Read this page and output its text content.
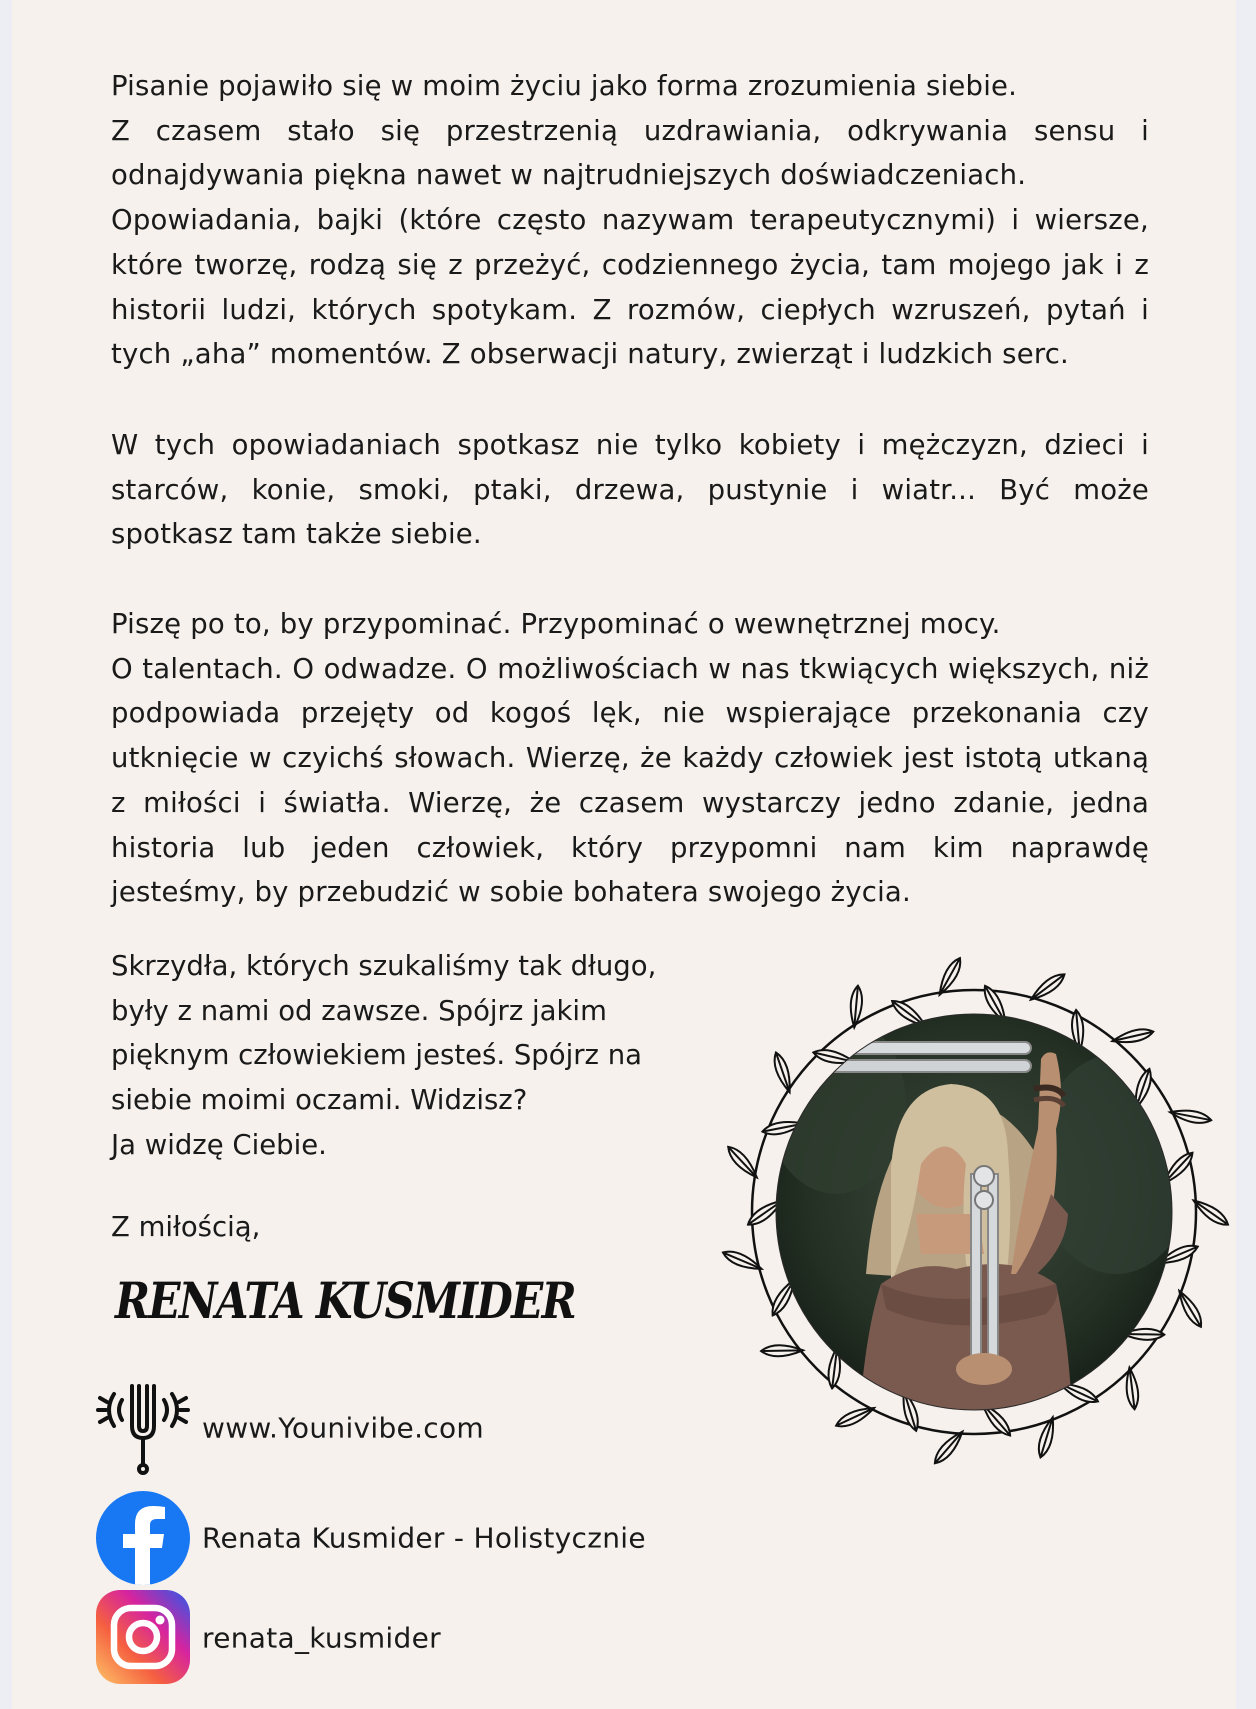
Pisanie pojawiło się w moim życiu jako forma zrozumienia siebie.

Z czasem stało się przestrzenią uzdrawiania, odkrywania sensu i odnajdywania piękna nawet w najtrudniejszych doświadczeniach.

Opowiadania, bajki (które często nazywam terapeutycznymi) i wiersze, które tworzę, rodzą się z przeżyć, codziennego życia, tam mojego jak i z historii ludzi, których spotykam. Z rozmów, ciepłych wzruszeń, pytań i tych „aha” momentów. Z obserwacji natury, zwierząt i ludzkich serc.

W tych opowiadaniach spotkasz nie tylko kobiety i mężczyzn, dzieci i starców, konie, smoki, ptaki, drzewa, pustynie i wiatr... Być może spotkasz tam także siebie.

Piszę po to, by przypominać. Przypominać o wewnętrznej mocy.

O talentach. O odwadze. O możliwościach w nas tkwiących większych, niż podpowiada przejęty od kogoś lęk, nie wspierające przekonania czy utknięcie w czyichś słowach. Wierzę, że każdy człowiek jest istotą utkaną z miłości i światła. Wierzę, że czasem wystarczy jedno zdanie, jedna historia lub jeden człowiek, który przypomni nam kim naprawdę jesteśmy, by przebudzić w sobie bohatera swojego życia.

Skrzydła, których szukaliśmy tak długo,

były z nami od zawsze. Spójrz jakim

pięknym człowiekiem jesteś. Spójrz na

siebie moimi oczami. Widzisz?

Ja widzę Ciebie.

Z miłością,
RENATA KUSMIDER
www.Younivibe.com
Renata Kusmider - Holistycznie
renata_kusmider
